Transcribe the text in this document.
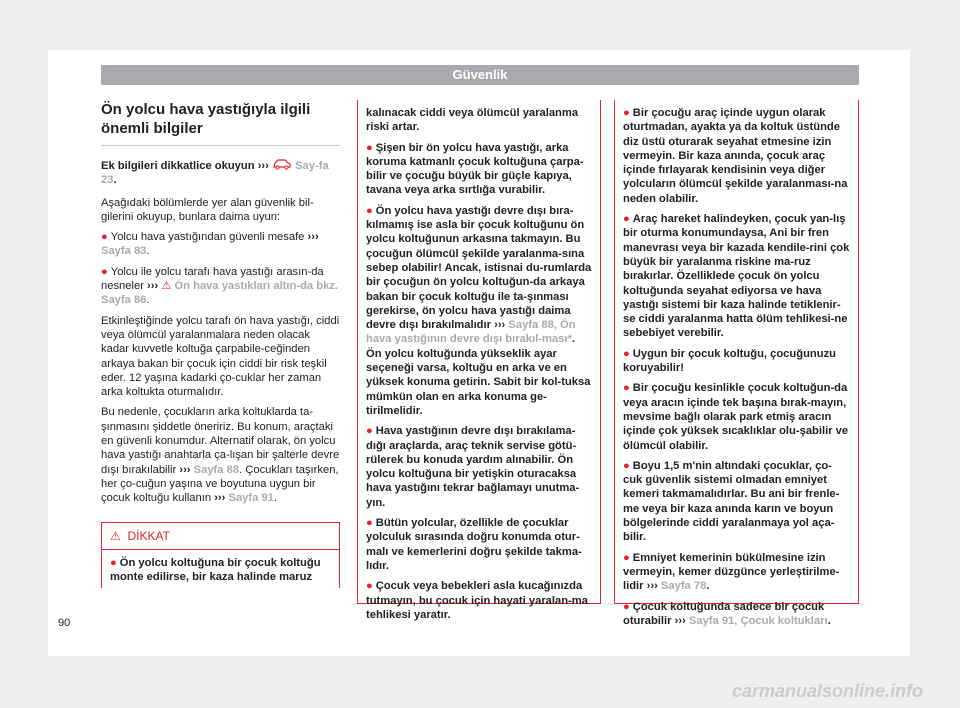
Güvenlik
Ön yolcu hava yastığıyla ilgili önemli bilgiler

Ek bilgileri dikkatlice okuyun ››› Say-fa 23.

Aşağıdaki bölümlerde yer alan güvenlik bil-gilerini okuyup, bunlara daima uyun:

● Yolcu hava yastığından güvenli mesafe ››› Sayfa 83.

● Yolcu ile yolcu tarafı hava yastığı arasın-da nesneler ››› ⚠ Ön hava yastıkları altın-da bkz. Sayfa 86.

Etkinleştiğinde yolcu tarafı ön hava yastığı, ciddi veya ölümcül yaralanmalara neden olacak kadar kuvvetle koltuğa çarpabile-ceğinden arkaya bakan bir çocuk için ciddi bir risk teşkil eder. 12 yaşına kadarki ço-cuklar her zaman arka koltukta oturmalıdır.

Bu nedenle, çocukların arka koltuklarda ta-şınmasını şiddetle öneririz. Bu konum, araçtaki en güvenli konumdur. Alternatif olarak, ön yolcu hava yastığı anahtarla ça-lışan bir şalterle devre dışı bırakılabilir ››› Sayfa 88. Çocukları taşırken, her ço-cuğun yaşına ve boyutuna uygun bir çocuk koltuğu kullanın ››› Sayfa 91.

⚠ DİKKAT
● Ön yolcu koltuğuna bir çocuk koltuğu monte edilirse, bir kaza halinde maruz

kalınacak ciddi veya ölümcül yaralanma riski artar.

● Şişen bir ön yolcu hava yastığı, arka koruma katmanlı çocuk koltuğuna çarpa-bilir ve çocuğu büyük bir güçle kapıya, tavana veya arka sırtlığa vurabilir.

● Ön yolcu hava yastığı devre dışı bıra-kılmamış ise asla bir çocuk koltuğunu ön yolcu koltuğunun arkasına takmayın. Bu çocuğun ölümcül şekilde yaralanma-sına sebep olabilir! Ancak, istisnai du-rumlarda bir çocuğun ön yolcu koltuğun-da arkaya bakan bir çocuk koltuğu ile ta-şınması gerekirse, ön yolcu hava yastığı daima devre dışı bırakılmalıdır ››› Sayfa 88, Ön hava yastığının devre dışı bırakıl-ması*. Ön yolcu koltuğunda yükseklik ayar seçeneği varsa, koltuğu en arka ve en yüksek konuma getirin. Sabit bir kol-tuksa mümkün olan en arka konuma ge-tirilmelidir.

● Hava yastığının devre dışı bırakılama-dığı araçlarda, araç teknik servise götü-rülerek bu konuda yardım alınabilir. Ön yolcu koltuğuna bir yetişkin oturacaksa hava yastığını tekrar bağlamayı unutma-yın.

● Bütün yolcular, özellikle de çocuklar yolculuk sırasında doğru konumda otur-malı ve kemerlerini doğru şekilde takma-lıdır.

● Çocuk veya bebekleri asla kucağınızda tutmayın, bu çocuk için hayati yaralan-ma tehlikesi yaratır.

● Bir çocuğu araç içinde uygun olarak oturtmadan, ayakta ya da koltuk üstünde diz üstü oturarak seyahat etmesine izin vermeyin. Bir kaza anında, çocuk araç içinde fırlayarak kendisinin veya diğer yolcuların ölümcül şekilde yaralanması-na neden olabilir.

● Araç hareket halindeyken, çocuk yan-lış bir oturma konumundaysa, Ani bir fren manevrası veya bir kazada kendile-rini çok büyük bir yaralanma riskine ma-ruz bırakırlar. Özelliklede çocuk ön yolcu koltuğunda seyahat ediyorsa ve hava yastığı sistemi bir kaza halinde tetiklenir-se ciddi yaralanma hatta ölüm tehlikesi-ne sebebiyet verebilir.

● Uygun bir çocuk koltuğu, çocuğunuzu koruyabilir!

● Bir çocuğu kesinlikle çocuk koltuğun-da veya aracın içinde tek başına bırak-mayın, mevsime bağlı olarak park etmiş aracın içinde çok yüksek sıcaklıklar olu-şabilir ve ölümcül olabilir.

● Boyu 1,5 m'nin altındaki çocuklar, ço-cuk güvenlik sistemi olmadan emniyet kemeri takmamalıdırlar. Bu ani bir frenle-me veya bir kaza anında karın ve boyun bölgelerinde ciddi yaralanmaya yol aça-bilir.

● Emniyet kemerinin bükülmesine izin vermeyin, kemer düzgünce yerleştirilme-lidir ››› Sayfa 78.

● Çocuk koltuğunda sadece bir çocuk oturabilir ››› Sayfa 91, Çocuk koltukları.

90
carmanualsonline.info
